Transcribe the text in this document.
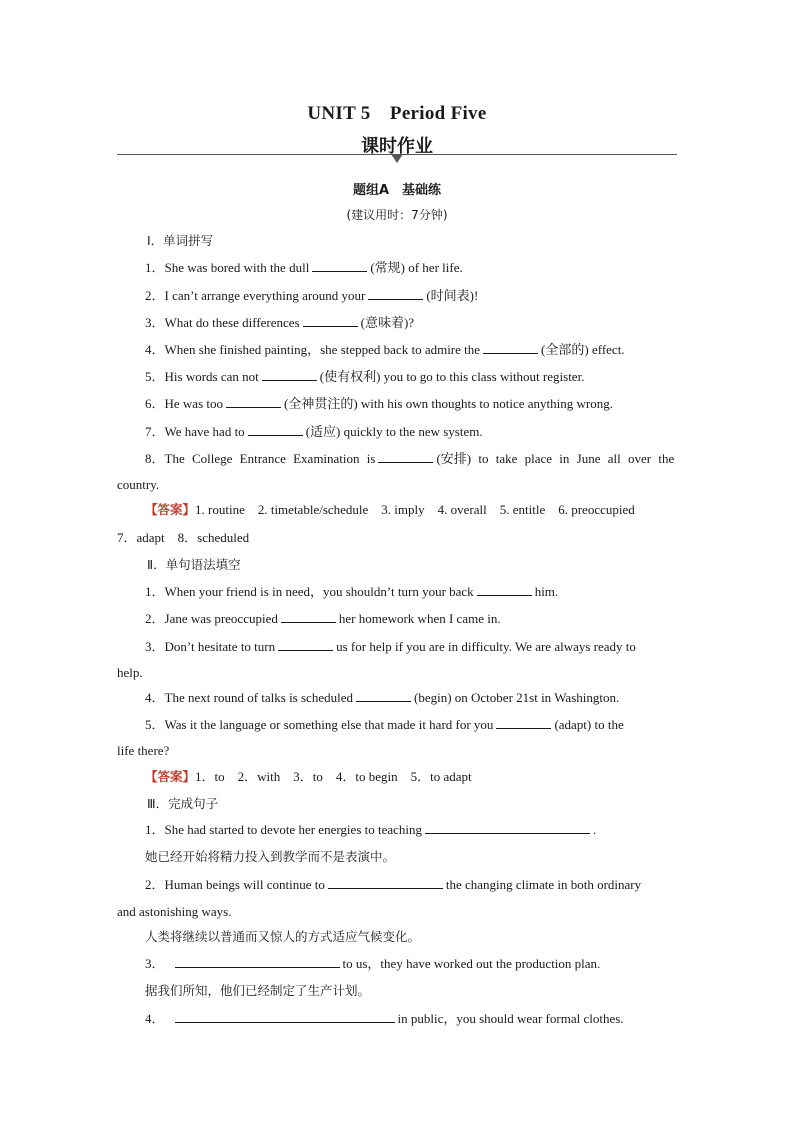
UNIT 5　Period Five
课时作业
题组A　基础练
(建议用时：7分钟)
Ⅰ．单词拼写
1．She was bored with the dull	(常规) of her life.
2．I can’t arrange everything around your	(时间表)!
3．What do these differences	(意味着)?
4．When she finished painting，she stepped back to admire the	(全部的) effect.
5．His words can not	(使有权利) you to go to this class without register.
6．He was too	(全神贯注的) with his own thoughts to notice anything wrong.
7．We have had to	(适应) quickly to the new system.
8．The College Entrance Examination is	(安排) to take place in June all over the
country.
【答案】1. routine　2. timetable/schedule　3. imply　4. overall　5. entitle　6. preoccupied
7．adapt　8．scheduled
Ⅱ．单句语法填空
1．When your friend is in need，you shouldn’t turn your back	him.
2．Jane was preoccupied	her homework when I came in.
3．Don’t hesitate to turn	us for help if you are in difficulty. We are always ready to
help.
4．The next round of talks is scheduled	(begin) on October 21st in Washington.
5．Was it the language or something else that made it hard for you	(adapt) to the
life there?
【答案】1．to　2．with　3．to　4．to begin　5．to adapt
Ⅲ．完成句子
1．She had started to devote her energies to teaching	.
她已经开始将精力投入到教学而不是表演中。
2．Human beings will continue to	the changing climate in both ordinary
and astonishing ways.
人类将继续以普通而又惊人的方式适应气候变化。
3．	to us，they have worked out the production plan.
据我们所知，他们已经制定了生产计划。
4．	in public，you should wear formal clothes.
